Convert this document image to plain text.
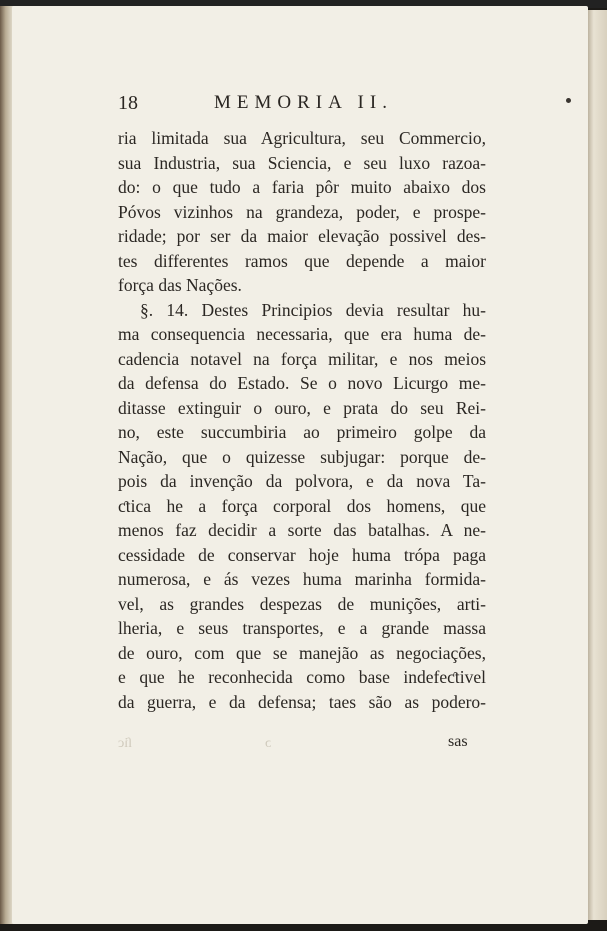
ſic	ɔ
18	MEMORIA II.
ria limitada sua Agricultura, seu Commercio,
sua Industria, sua Sciencia, e seu luxo razoa-
do: o que tudo a faria pôr muito abaixo dos
Póvos vizinhos na grandeza, poder, e prospe-
ridade; por ser da maior elevação possivel des-
tes differentes ramos que depende a maior
força das Nações.
§. 14. Destes Principios devia resultar hu-
ma consequencia necessaria, que era huma de-
cadencia notavel na força militar, e nos meios
da defensa do Estado. Se o novo Licurgo me-
ditasse extinguir o ouro, e prata do seu Rei-
no, este succumbiria ao primeiro golpe da
Nação, que o quizesse subjugar: porque de-
pois da invenção da polvora, e da nova Ta-
ƈtica he a força corporal dos homens, que
menos faz decidir a sorte das batalhas. A ne-
cessidade de conservar hoje huma trópa paga
numerosa, e ás vezes huma marinha formida-
vel, as grandes despezas de munições, arti-
lheria, e seus transportes, e a grande massa
de ouro, com que se manejão as negociações,
e que he reconhecida como base indefeƈtivel
da guerra, e da defensa; taes são as podero-
sas
